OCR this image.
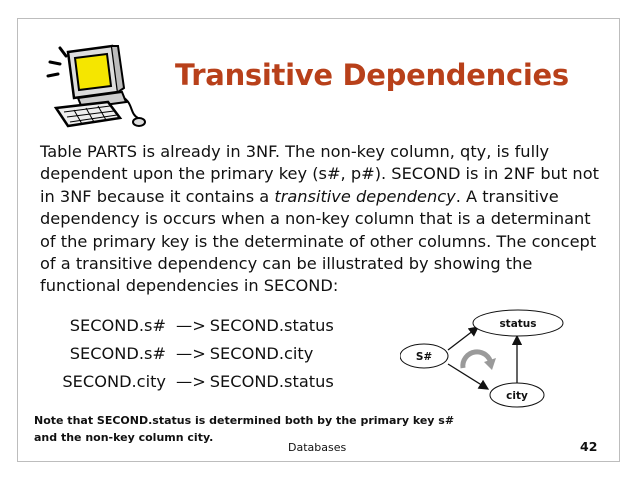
Transitive Dependencies
Table PARTS is already in 3NF. The non-key column, qty, is fully dependent upon the primary key (s#, p#). SECOND is in 2NF but not in 3NF because it contains a transitive dependency. A transitive dependency is occurs when a non-key column that is a determinant of the primary key is the determinate of other columns. The concept of a transitive dependency can be illustrated by showing the functional dependencies in SECOND:
SECOND.s# —> SECOND.status
SECOND.s# —> SECOND.city
SECOND.city —> SECOND.status
S#
status
city
Note that SECOND.status is determined both by the primary key s# and the non-key column city.
Databases	42
